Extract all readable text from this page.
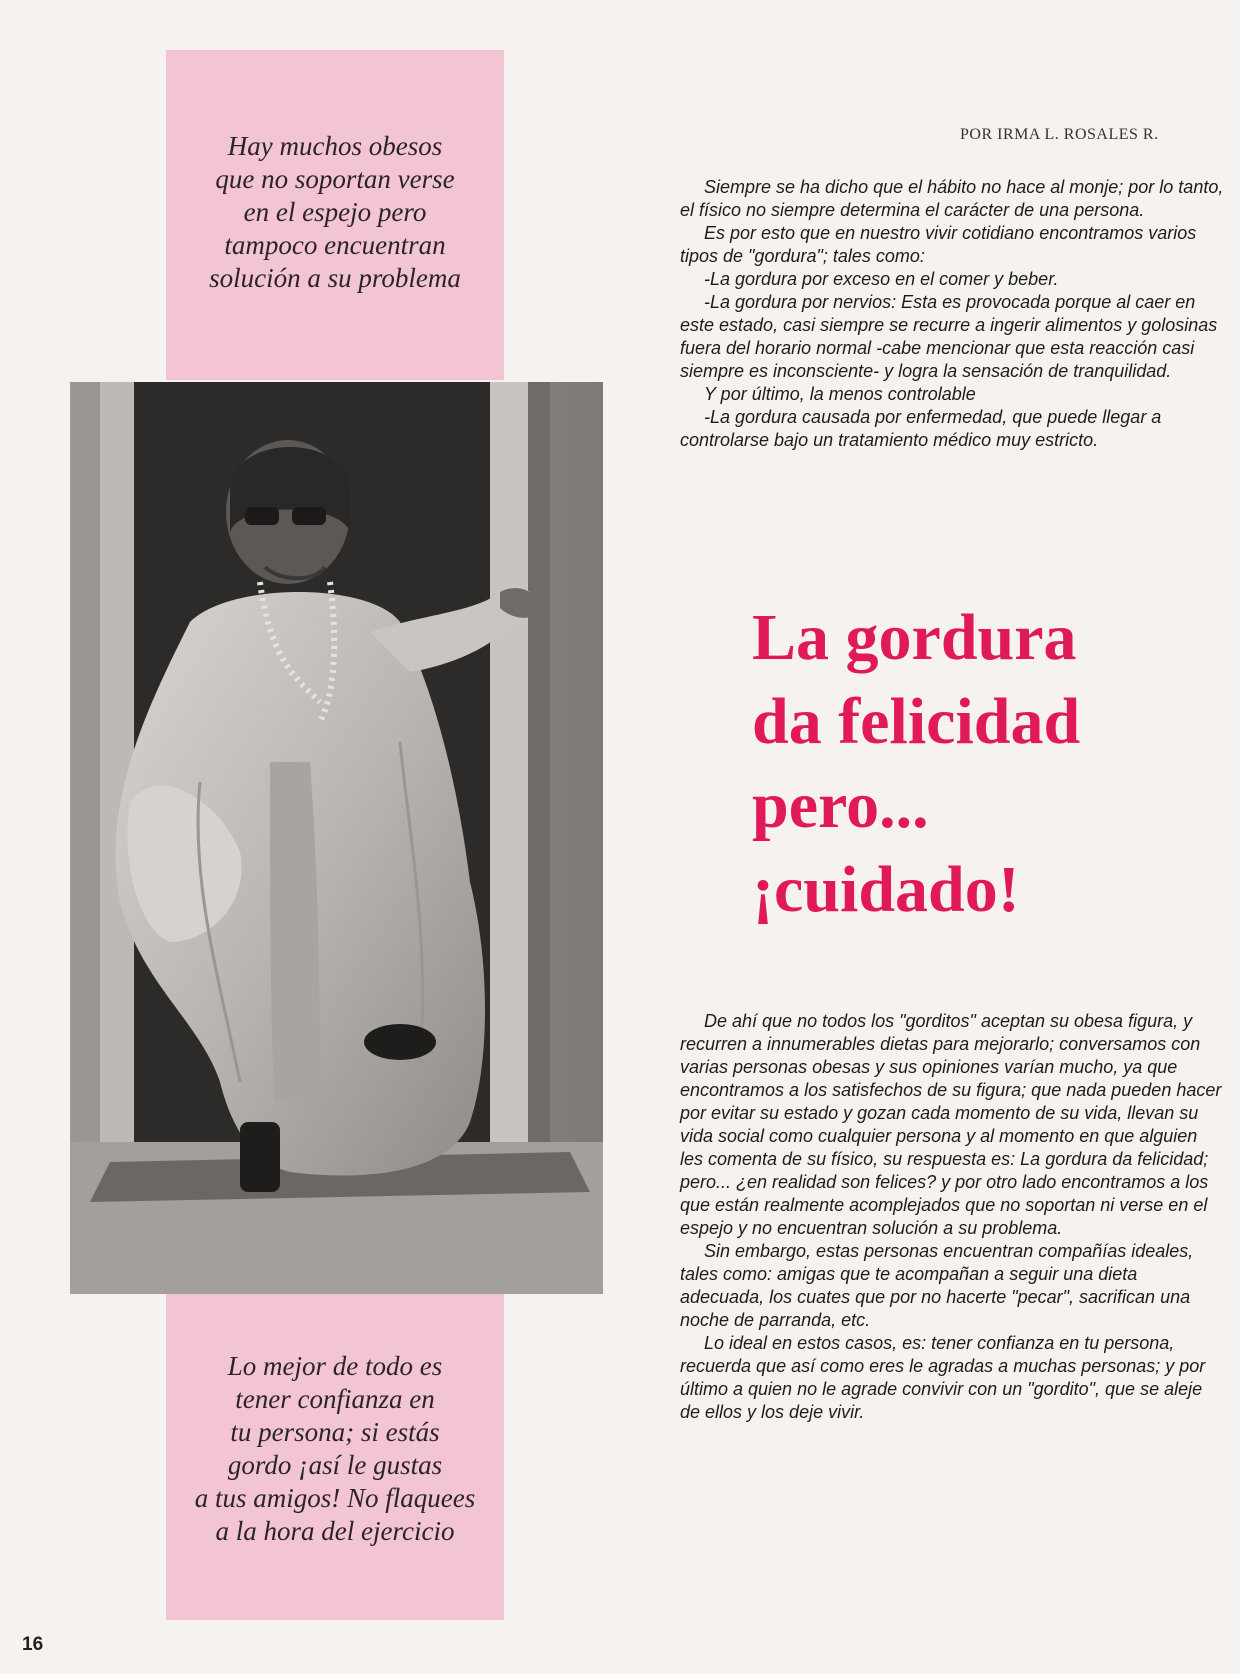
Hay muchos obesos
que no soportan verse
en el espejo pero
tampoco encuentran
solución a su problema
Lo mejor de todo es
tener confianza en
tu persona; si estás
gordo ¡así le gustas
a tus amigos! No flaquees
a la hora del ejercicio
POR IRMA L. ROSALES R.

Siempre se ha dicho que el hábito no hace al monje; por lo tanto, el físico no siempre determina el carácter de una persona.

Es por esto que en nuestro vivir cotidiano encontramos varios tipos de "gordura"; tales como:

-La gordura por exceso en el comer y beber.

-La gordura por nervios: Esta es provocada porque al caer en este estado, casi siempre se recurre a ingerir alimentos y golosinas fuera del horario normal -cabe mencionar que esta reacción casi siempre es inconsciente- y logra la sensación de tranquilidad.

Y por último, la menos controlable

-La gordura causada por enfermedad, que puede llegar a controlarse bajo un tratamiento médico muy estricto.

La gordura
da felicidad
pero...
¡cuidado!

De ahí que no todos los "gorditos" aceptan su obesa figura, y recurren a innumerables dietas para mejorarlo; conversamos con varias personas obesas y sus opiniones varían mucho, ya que encontramos a los satisfechos de su figura; que nada pueden hacer por evitar su estado y gozan cada momento de su vida, llevan su vida social como cualquier persona y al momento en que alguien les comenta de su físico, su respuesta es: La gordura da felicidad; pero... ¿en realidad son felices? y por otro lado encontramos a los que están realmente acomplejados que no soportan ni verse en el espejo y no encuentran solución a su problema.

Sin embargo, estas personas encuentran compañías ideales, tales como: amigas que te acompañan a seguir una dieta adecuada, los cuates que por no hacerte "pecar", sacrifican una noche de parranda, etc.

Lo ideal en estos casos, es: tener confianza en tu persona, recuerda que así como eres le agradas a muchas personas; y por último a quien no le agrade convivir con un "gordito", que se aleje de ellos y los deje vivir.

16
